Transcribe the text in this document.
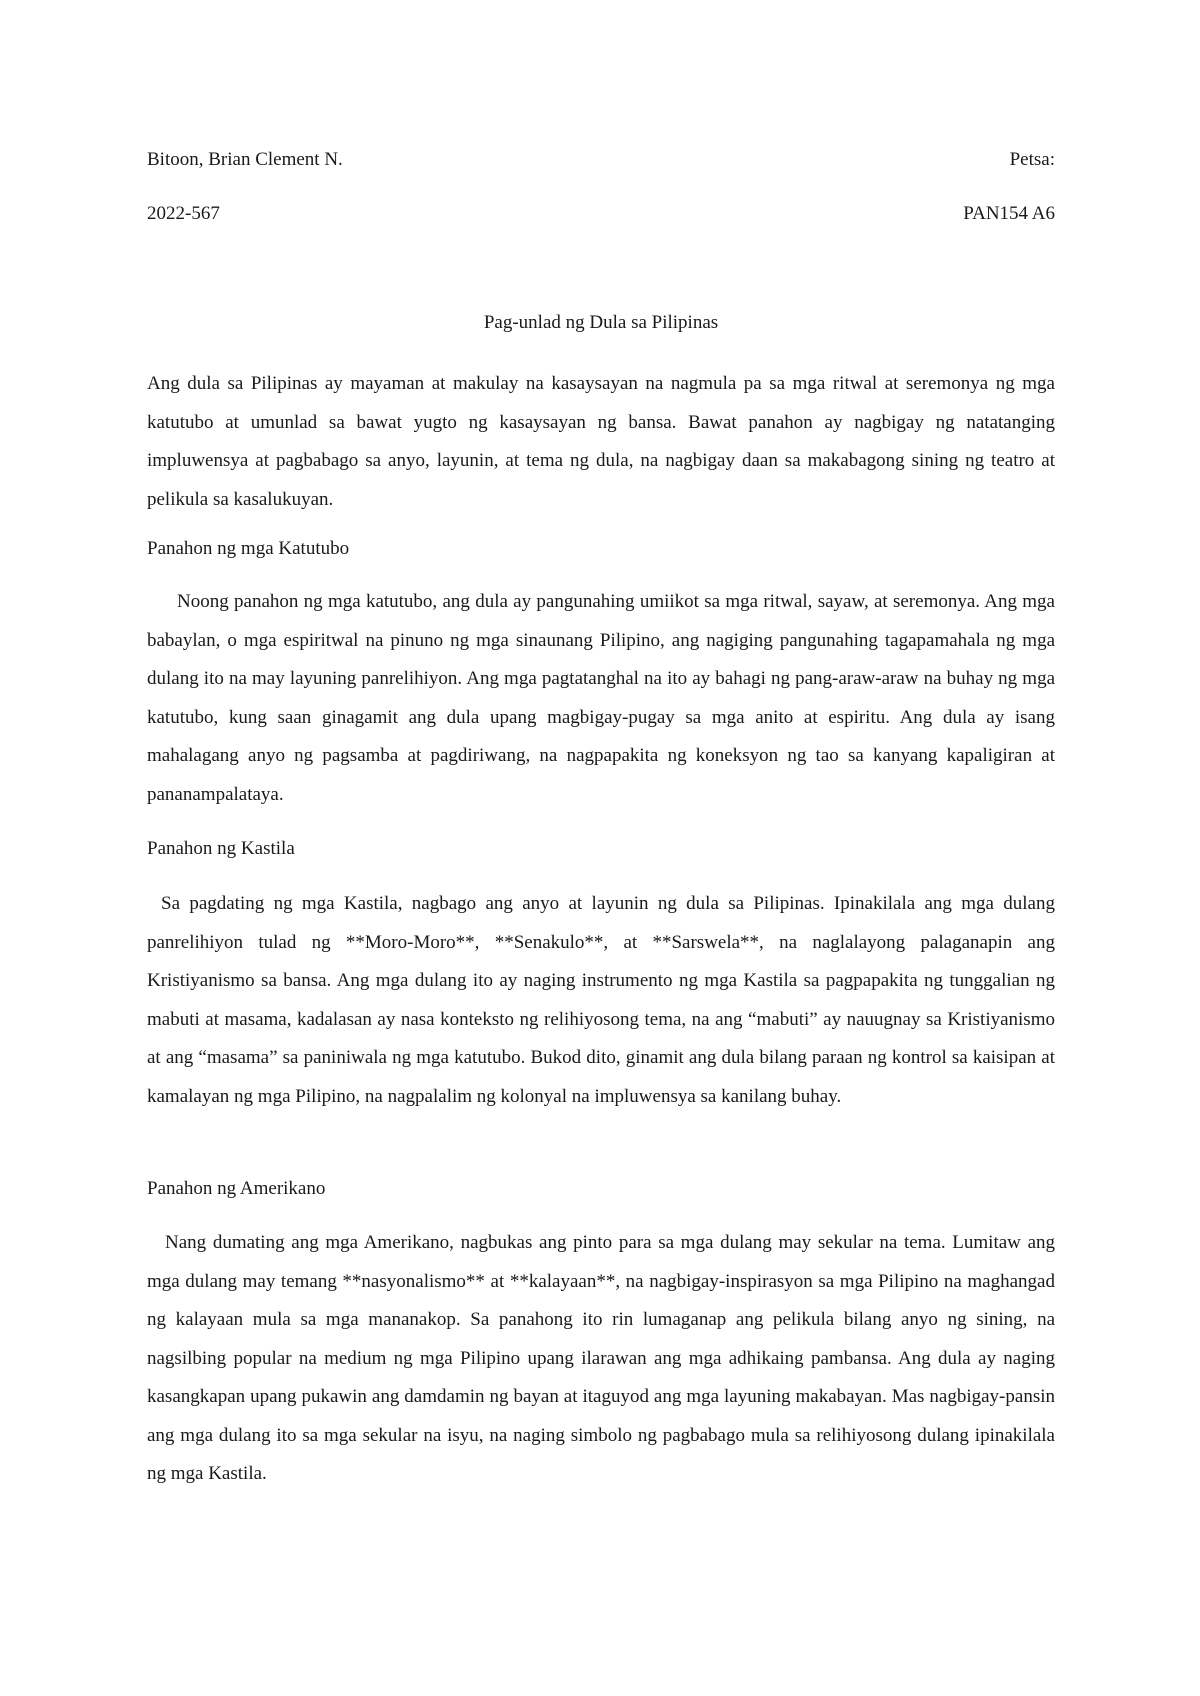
Bitoon, Brian Clement N.	Petsa:
2022-567	PAN154 A6
Pag-unlad ng Dula sa Pilipinas

Ang dula sa Pilipinas ay mayaman at makulay na kasaysayan na nagmula pa sa mga ritwal at seremonya ng mga katutubo at umunlad sa bawat yugto ng kasaysayan ng bansa. Bawat panahon ay nagbigay ng natatanging impluwensya at pagbabago sa anyo, layunin, at tema ng dula, na nagbigay daan sa makabagong sining ng teatro at pelikula sa kasalukuyan.

Panahon ng mga Katutubo

Noong panahon ng mga katutubo, ang dula ay pangunahing umiikot sa mga ritwal, sayaw, at seremonya. Ang mga babaylan, o mga espiritwal na pinuno ng mga sinaunang Pilipino, ang nagiging pangunahing tagapamahala ng mga dulang ito na may layuning panrelihiyon. Ang mga pagtatanghal na ito ay bahagi ng pang-araw-araw na buhay ng mga katutubo, kung saan ginagamit ang dula upang magbigay-pugay sa mga anito at espiritu. Ang dula ay isang mahalagang anyo ng pagsamba at pagdiriwang, na nagpapakita ng koneksyon ng tao sa kanyang kapaligiran at pananampalataya.

Panahon ng Kastila

Sa pagdating ng mga Kastila, nagbago ang anyo at layunin ng dula sa Pilipinas. Ipinakilala ang mga dulang panrelihiyon tulad ng **Moro-Moro**, **Senakulo**, at **Sarswela**, na naglalayong palaganapin ang Kristiyanismo sa bansa. Ang mga dulang ito ay naging instrumento ng mga Kastila sa pagpapakita ng tunggalian ng mabuti at masama, kadalasan ay nasa konteksto ng relihiyosong tema, na ang “mabuti” ay nauugnay sa Kristiyanismo at ang “masama” sa paniniwala ng mga katutubo. Bukod dito, ginamit ang dula bilang paraan ng kontrol sa kaisipan at kamalayan ng mga Pilipino, na nagpalalim ng kolonyal na impluwensya sa kanilang buhay.

Panahon ng Amerikano

Nang dumating ang mga Amerikano, nagbukas ang pinto para sa mga dulang may sekular na tema. Lumitaw ang mga dulang may temang **nasyonalismo** at **kalayaan**, na nagbigay-inspirasyon sa mga Pilipino na maghangad ng kalayaan mula sa mga mananakop. Sa panahong ito rin lumaganap ang pelikula bilang anyo ng sining, na nagsilbing popular na medium ng mga Pilipino upang ilarawan ang mga adhikaing pambansa. Ang dula ay naging kasangkapan upang pukawin ang damdamin ng bayan at itaguyod ang mga layuning makabayan. Mas nagbigay-pansin ang mga dulang ito sa mga sekular na isyu, na naging simbolo ng pagbabago mula sa relihiyosong dulang ipinakilala ng mga Kastila.
